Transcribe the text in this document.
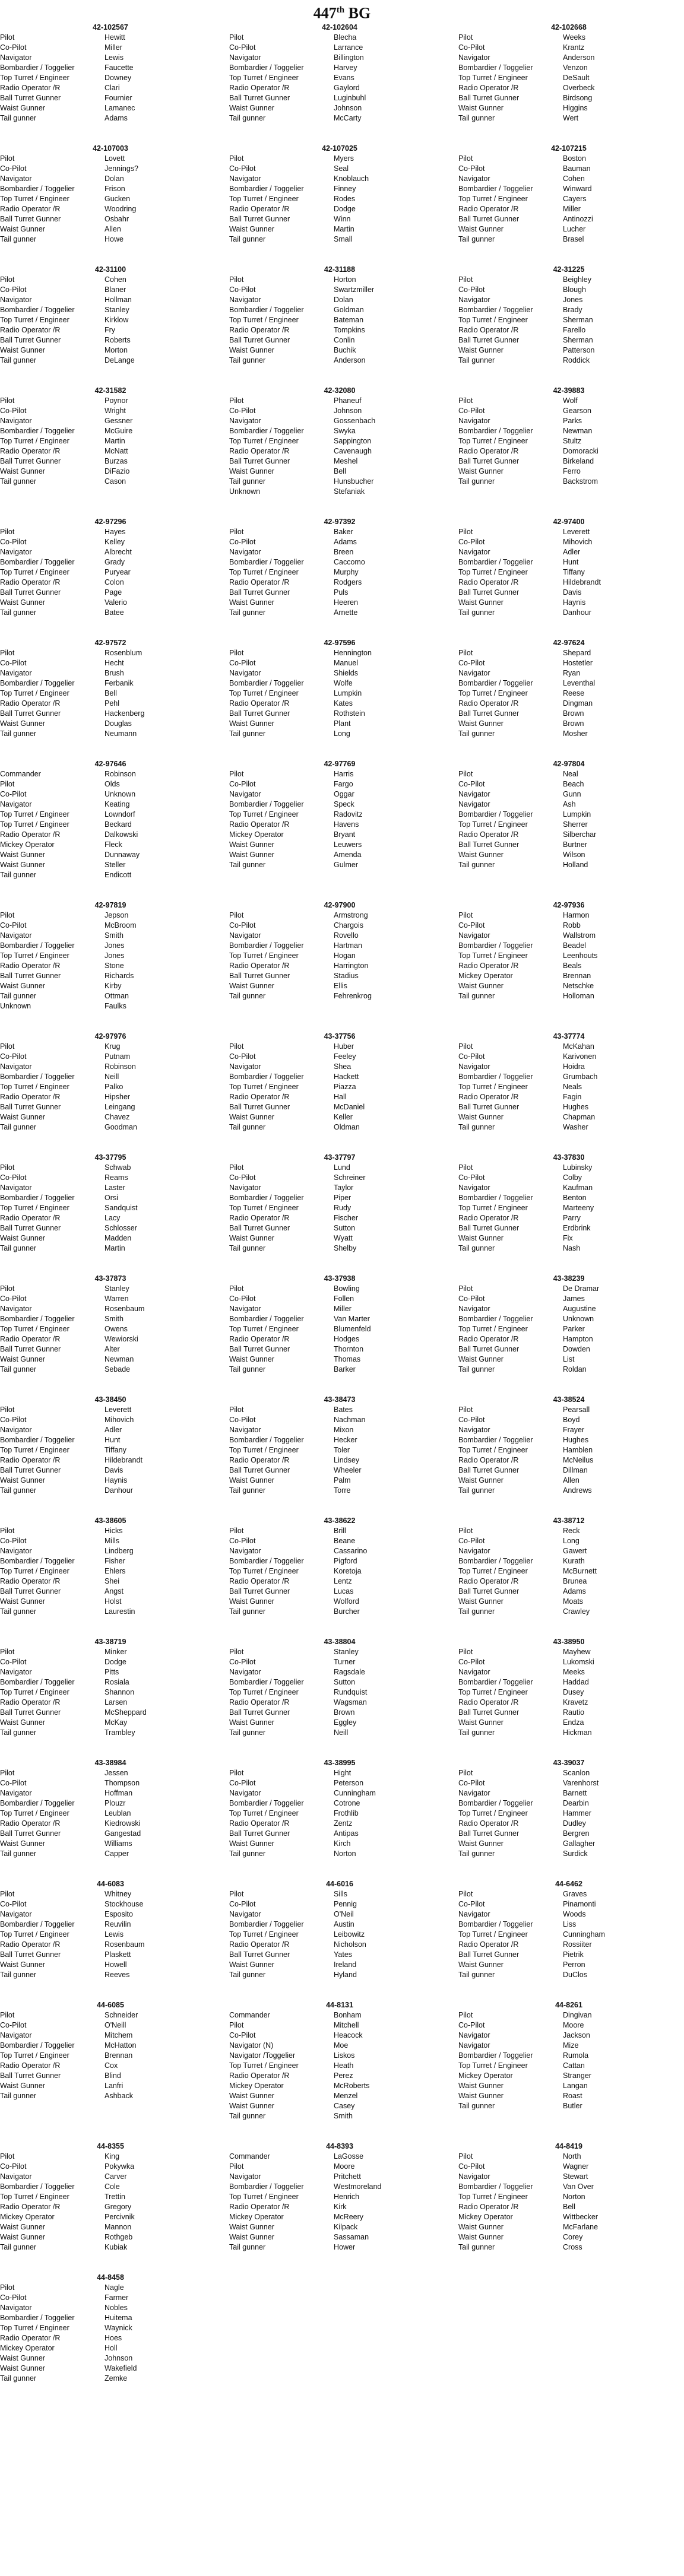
447th BG
42-102567
Pilot	Hewitt
Co-Pilot	Miller
Navigator	Lewis
Bombardier / Toggelier	Faucette
Top Turret / Engineer	Downey
Radio Operator /R	Clari
Ball Turret Gunner	Fournier
Waist Gunner	Lamanec
Tail gunner	Adams
42-102604
Pilot	Blecha
Co-Pilot	Larrance
Navigator	Billington
Bombardier / Toggelier	Harvey
Top Turret / Engineer	Evans
Radio Operator /R	Gaylord
Ball Turret Gunner	Luginbuhl
Waist Gunner	Johnson
Tail gunner	McCarty
42-102668
Pilot	Weeks
Co-Pilot	Krantz
Navigator	Anderson
Bombardier / Toggelier	Venzon
Top Turret / Engineer	DeSault
Radio Operator /R	Overbeck
Ball Turret Gunner	Birdsong
Waist Gunner	Higgins
Tail gunner	Wert
42-107003
Pilot	Lovett
Co-Pilot	Jennings?
Navigator	Dolan
Bombardier / Toggelier	Frison
Top Turret / Engineer	Gucken
Radio Operator /R	Woodring
Ball Turret Gunner	Osbahr
Waist Gunner	Allen
Tail gunner	Howe
42-107025
Pilot	Myers
Co-Pilot	Seal
Navigator	Knoblauch
Bombardier / Toggelier	Finney
Top Turret / Engineer	Rodes
Radio Operator /R	Dodge
Ball Turret Gunner	Winn
Waist Gunner	Martin
Tail gunner	Small
42-107215
Pilot	Boston
Co-Pilot	Bauman
Navigator	Cohen
Bombardier / Toggelier	Winward
Top Turret / Engineer	Cayers
Radio Operator /R	Miller
Ball Turret Gunner	Antinozzi
Waist Gunner	Lucher
Tail gunner	Brasel
42-31100
Pilot	Cohen
Co-Pilot	Blaner
Navigator	Hollman
Bombardier / Toggelier	Stanley
Top Turret / Engineer	Kirklow
Radio Operator /R	Fry
Ball Turret Gunner	Roberts
Waist Gunner	Morton
Tail gunner	DeLange
42-31188
Pilot	Horton
Co-Pilot	Swartzmiller
Navigator	Dolan
Bombardier / Toggelier	Goldman
Top Turret / Engineer	Bateman
Radio Operator /R	Tompkins
Ball Turret Gunner	Conlin
Waist Gunner	Buchik
Tail gunner	Anderson
42-31225
Pilot	Beighley
Co-Pilot	Blough
Navigator	Jones
Bombardier / Toggelier	Brady
Top Turret / Engineer	Sherman
Radio Operator /R	Farello
Ball Turret Gunner	Sherman
Waist Gunner	Patterson
Tail gunner	Roddick
42-31582
Pilot	Poynor
Co-Pilot	Wright
Navigator	Gessner
Bombardier / Toggelier	McGuire
Top Turret / Engineer	Martin
Radio Operator /R	McNatt
Ball Turret Gunner	Burzas
Waist Gunner	DiFazio
Tail gunner	Cason
42-32080
Pilot	Phaneuf
Co-Pilot	Johnson
Navigator	Gossenbach
Bombardier / Toggelier	Swyka
Top Turret / Engineer	Sappington
Radio Operator /R	Cavenaugh
Ball Turret Gunner	Meshel
Waist Gunner	Bell
Tail gunner	Hunsbucher
Unknown	Stefaniak
42-39883
Pilot	Wolf
Co-Pilot	Gearson
Navigator	Parks
Bombardier / Toggelier	Newman
Top Turret / Engineer	Stultz
Radio Operator /R	Domoracki
Ball Turret Gunner	Birkeland
Waist Gunner	Ferro
Tail gunner	Backstrom
42-97296
Pilot	Hayes
Co-Pilot	Kelley
Navigator	Albrecht
Bombardier / Toggelier	Grady
Top Turret / Engineer	Puryear
Radio Operator /R	Colon
Ball Turret Gunner	Page
Waist Gunner	Valerio
Tail gunner	Batee
42-97392
Pilot	Baker
Co-Pilot	Adams
Navigator	Breen
Bombardier / Toggelier	Caccomo
Top Turret / Engineer	Murphy
Radio Operator /R	Rodgers
Ball Turret Gunner	Puls
Waist Gunner	Heeren
Tail gunner	Arnette
42-97400
Pilot	Leverett
Co-Pilot	Mihovich
Navigator	Adler
Bombardier / Toggelier	Hunt
Top Turret / Engineer	Tiffany
Radio Operator /R	Hildebrandt
Ball Turret Gunner	Davis
Waist Gunner	Haynis
Tail gunner	Danhour
42-97572
Pilot	Rosenblum
Co-Pilot	Hecht
Navigator	Brush
Bombardier / Toggelier	Ferbanik
Top Turret / Engineer	Bell
Radio Operator /R	Pehl
Ball Turret Gunner	Hackenberg
Waist Gunner	Douglas
Tail gunner	Neumann
42-97596
Pilot	Hennington
Co-Pilot	Manuel
Navigator	Shields
Bombardier / Toggelier	Wolfe
Top Turret / Engineer	Lumpkin
Radio Operator /R	Kates
Ball Turret Gunner	Rothstein
Waist Gunner	Plant
Tail gunner	Long
42-97624
Pilot	Shepard
Co-Pilot	Hostetler
Navigator	Ryan
Bombardier / Toggelier	Leventhal
Top Turret / Engineer	Reese
Radio Operator /R	Dingman
Ball Turret Gunner	Brown
Waist Gunner	Brown
Tail gunner	Mosher
42-97646
Commander	Robinson
Pilot	Olds
Co-Pilot	Unknown
Navigator	Keating
Top Turret / Engineer	Lowndorf
Top Turret / Engineer	Beckard
Radio Operator /R	Dalkowski
Mickey Operator	Fleck
Waist Gunner	Dunnaway
Waist Gunner	Steller
Tail gunner	Endicott
42-97769
Pilot	Harris
Co-Pilot	Fargo
Navigator	Oggar
Bombardier / Toggelier	Speck
Top Turret / Engineer	Radovitz
Radio Operator /R	Havens
Mickey Operator	Bryant
Waist Gunner	Leuwers
Waist Gunner	Amenda
Tail gunner	Gulmer
42-97804
Pilot	Neal
Co-Pilot	Beach
Navigator	Gunn
Navigator	Ash
Bombardier / Toggelier	Lumpkin
Top Turret / Engineer	Sherrer
Radio Operator /R	Silberchar
Ball Turret Gunner	Burtner
Waist Gunner	Wilson
Tail gunner	Holland
42-97819
Pilot	Jepson
Co-Pilot	McBroom
Navigator	Smith
Bombardier / Toggelier	Jones
Top Turret / Engineer	Jones
Radio Operator /R	Stone
Ball Turret Gunner	Richards
Waist Gunner	Kirby
Tail gunner	Ottman
Unknown	Faulks
42-97900
Pilot	Armstrong
Co-Pilot	Chargois
Navigator	Rovello
Bombardier / Toggelier	Hartman
Top Turret / Engineer	Hogan
Radio Operator /R	Harrington
Ball Turret Gunner	Stadius
Waist Gunner	Ellis
Tail gunner	Fehrenkrog
42-97936
Pilot	Harmon
Co-Pilot	Robb
Navigator	Wallstrom
Bombardier / Toggelier	Beadel
Top Turret / Engineer	Leenhouts
Radio Operator /R	Beals
Mickey Operator	Brennan
Waist Gunner	Netschke
Tail gunner	Holloman
42-97976
Pilot	Krug
Co-Pilot	Putnam
Navigator	Robinson
Bombardier / Toggelier	Neill
Top Turret / Engineer	Palko
Radio Operator /R	Hipsher
Ball Turret Gunner	Leingang
Waist Gunner	Chavez
Tail gunner	Goodman
43-37756
Pilot	Huber
Co-Pilot	Feeley
Navigator	Shea
Bombardier / Toggelier	Hackett
Top Turret / Engineer	Piazza
Radio Operator /R	Hall
Ball Turret Gunner	McDaniel
Waist Gunner	Keller
Tail gunner	Oldman
43-37774
Pilot	McKahan
Co-Pilot	Karivonen
Navigator	Hoidra
Bombardier / Toggelier	Grumbach
Top Turret / Engineer	Neals
Radio Operator /R	Fagin
Ball Turret Gunner	Hughes
Waist Gunner	Chapman
Tail gunner	Washer
43-37795
Pilot	Schwab
Co-Pilot	Reams
Navigator	Laster
Bombardier / Toggelier	Orsi
Top Turret / Engineer	Sandquist
Radio Operator /R	Lacy
Ball Turret Gunner	Schlosser
Waist Gunner	Madden
Tail gunner	Martin
43-37797
Pilot	Lund
Co-Pilot	Schreiner
Navigator	Taylor
Bombardier / Toggelier	Piper
Top Turret / Engineer	Rudy
Radio Operator /R	Fischer
Ball Turret Gunner	Sutton
Waist Gunner	Wyatt
Tail gunner	Shelby
43-37830
Pilot	Lubinsky
Co-Pilot	Colby
Navigator	Kaufman
Bombardier / Toggelier	Benton
Top Turret / Engineer	Marteeny
Radio Operator /R	Parry
Ball Turret Gunner	Erdbrink
Waist Gunner	Fix
Tail gunner	Nash
43-37873
Pilot	Stanley
Co-Pilot	Warren
Navigator	Rosenbaum
Bombardier / Toggelier	Smith
Top Turret / Engineer	Owens
Radio Operator /R	Wewiorski
Ball Turret Gunner	Alter
Waist Gunner	Newman
Tail gunner	Sebade
43-37938
Pilot	Bowling
Co-Pilot	Follen
Navigator	Miller
Bombardier / Toggelier	Van Marter
Top Turret / Engineer	Blumenfeld
Radio Operator /R	Hodges
Ball Turret Gunner	Thornton
Waist Gunner	Thomas
Tail gunner	Barker
43-38239
Pilot	De Dramar
Co-Pilot	James
Navigator	Augustine
Bombardier / Toggelier	Unknown
Top Turret / Engineer	Parker
Radio Operator /R	Hampton
Ball Turret Gunner	Dowden
Waist Gunner	List
Tail gunner	Roldan
43-38450
Pilot	Leverett
Co-Pilot	Mihovich
Navigator	Adler
Bombardier / Toggelier	Hunt
Top Turret / Engineer	Tiffany
Radio Operator /R	Hildebrandt
Ball Turret Gunner	Davis
Waist Gunner	Haynis
Tail gunner	Danhour
43-38473
Pilot	Bates
Co-Pilot	Nachman
Navigator	Mixon
Bombardier / Toggelier	Hecker
Top Turret / Engineer	Toler
Radio Operator /R	Lindsey
Ball Turret Gunner	Wheeler
Waist Gunner	Palm
Tail gunner	Torre
43-38524
Pilot	Pearsall
Co-Pilot	Boyd
Navigator	Frayer
Bombardier / Toggelier	Hughes
Top Turret / Engineer	Hamblen
Radio Operator /R	McNeilus
Ball Turret Gunner	Dillman
Waist Gunner	Allen
Tail gunner	Andrews
43-38605
Pilot	Hicks
Co-Pilot	Mills
Navigator	Lindberg
Bombardier / Toggelier	Fisher
Top Turret / Engineer	Ehlers
Radio Operator /R	Shei
Ball Turret Gunner	Angst
Waist Gunner	Holst
Tail gunner	Laurestin
43-38622
Pilot	Brill
Co-Pilot	Beane
Navigator	Cassarino
Bombardier / Toggelier	Pigford
Top Turret / Engineer	Koretoja
Radio Operator /R	Lentz
Ball Turret Gunner	Lucas
Waist Gunner	Wolford
Tail gunner	Burcher
43-38712
Pilot	Reck
Co-Pilot	Long
Navigator	Gawert
Bombardier / Toggelier	Kurath
Top Turret / Engineer	McBurnett
Radio Operator /R	Brunea
Ball Turret Gunner	Adams
Waist Gunner	Moats
Tail gunner	Crawley
43-38719
Pilot	Minker
Co-Pilot	Dodge
Navigator	Pitts
Bombardier / Toggelier	Rosiala
Top Turret / Engineer	Shannon
Radio Operator /R	Larsen
Ball Turret Gunner	McSheppard
Waist Gunner	McKay
Tail gunner	Trambley
43-38804
Pilot	Stanley
Co-Pilot	Turner
Navigator	Ragsdale
Bombardier / Toggelier	Sutton
Top Turret / Engineer	Rundquist
Radio Operator /R	Wagsman
Ball Turret Gunner	Brown
Waist Gunner	Eggley
Tail gunner	Neill
43-38950
Pilot	Mayhew
Co-Pilot	Lukomski
Navigator	Meeks
Bombardier / Toggelier	Haddad
Top Turret / Engineer	Dusey
Radio Operator /R	Kravetz
Ball Turret Gunner	Rautio
Waist Gunner	Endza
Tail gunner	Hickman
43-38984
Pilot	Jessen
Co-Pilot	Thompson
Navigator	Hoffman
Bombardier / Toggelier	Plouzr
Top Turret / Engineer	Leublan
Radio Operator /R	Kiedrowski
Ball Turret Gunner	Gangestad
Waist Gunner	Williams
Tail gunner	Capper
43-38995
Pilot	Hight
Co-Pilot	Peterson
Navigator	Cunningham
Bombardier / Toggelier	Cotrone
Top Turret / Engineer	Frothlib
Radio Operator /R	Zentz
Ball Turret Gunner	Antipas
Waist Gunner	Kirch
Tail gunner	Norton
43-39037
Pilot	Scanlon
Co-Pilot	Varenhorst
Navigator	Barnett
Bombardier / Toggelier	Dearbin
Top Turret / Engineer	Hammer
Radio Operator /R	Dudley
Ball Turret Gunner	Bergren
Waist Gunner	Gallagher
Tail gunner	Surdick
44-6083
Pilot	Whitney
Co-Pilot	Stockhouse
Navigator	Esposito
Bombardier / Toggelier	Reuvilin
Top Turret / Engineer	Lewis
Radio Operator /R	Rosenbaum
Ball Turret Gunner	Plaskett
Waist Gunner	Howell
Tail gunner	Reeves
44-6016
Pilot	Sills
Co-Pilot	Pennig
Navigator	O'Neil
Bombardier / Toggelier	Austin
Top Turret / Engineer	Leibowitz
Radio Operator /R	Nicholson
Ball Turret Gunner	Yates
Waist Gunner	Ireland
Tail gunner	Hyland
44-6462
Pilot	Graves
Co-Pilot	Pinamonti
Navigator	Woods
Bombardier / Toggelier	Liss
Top Turret / Engineer	Cunningham
Radio Operator /R	Rossiiter
Ball Turret Gunner	Pietrik
Waist Gunner	Perron
Tail gunner	DuClos
44-6085
Pilot	Schneider
Co-Pilot	O'Neill
Navigator	Mitchem
Bombardier / Toggelier	McHatton
Top Turret / Engineer	Brennan
Radio Operator /R	Cox
Ball Turret Gunner	Blind
Waist Gunner	Lanfri
Tail gunner	Ashback
44-8131
Commander	Bonham
Pilot	Mitchell
Co-Pilot	Heacock
Navigator (N)	Moe
Navigator /Toggelier	Liskos
Top Turret / Engineer	Heath
Radio Operator /R	Perez
Mickey Operator	McRoberts
Waist Gunner	Menzel
Waist Gunner	Casey
Tail gunner	Smith
44-8261
Pilot	Dingivan
Co-Pilot	Moore
Navigator	Jackson
Navigator	Mize
Bombardier / Toggelier	Rumola
Top Turret / Engineer	Cattan
Mickey Operator	Stranger
Waist Gunner	Langan
Waist Gunner	Roast
Tail gunner	Butler
44-8355
Pilot	King
Co-Pilot	Pokywka
Navigator	Carver
Bombardier / Toggelier	Cole
Top Turret / Engineer	Trettin
Radio Operator /R	Gregory
Mickey Operator	Percivnik
Waist Gunner	Mannon
Waist Gunner	Rothgeb
Tail gunner	Kubiak
44-8393
Commander	LaGosse
Pilot	Moore
Navigator	Pritchett
Bombardier / Toggelier	Westmoreland
Top Turret / Engineer	Henrich
Radio Operator /R	Kirk
Mickey Operator	McReery
Waist Gunner	Kilpack
Waist Gunner	Sassaman
Tail gunner	Hower
44-8419
Pilot	North
Co-Pilot	Wagner
Navigator	Stewart
Bombardier / Toggelier	Van Over
Top Turret / Engineer	Norton
Radio Operator /R	Bell
Mickey Operator	Wittbecker
Waist Gunner	McFarlane
Waist Gunner	Corey
Tail gunner	Cross
44-8458
Pilot	Nagle
Co-Pilot	Farmer
Navigator	Nobles
Bombardier / Toggelier	Huitema
Top Turret / Engineer	Waynick
Radio Operator /R	Hoes
Mickey Operator	Holl
Waist Gunner	Johnson
Waist Gunner	Wakefield
Tail gunner	Zemke
